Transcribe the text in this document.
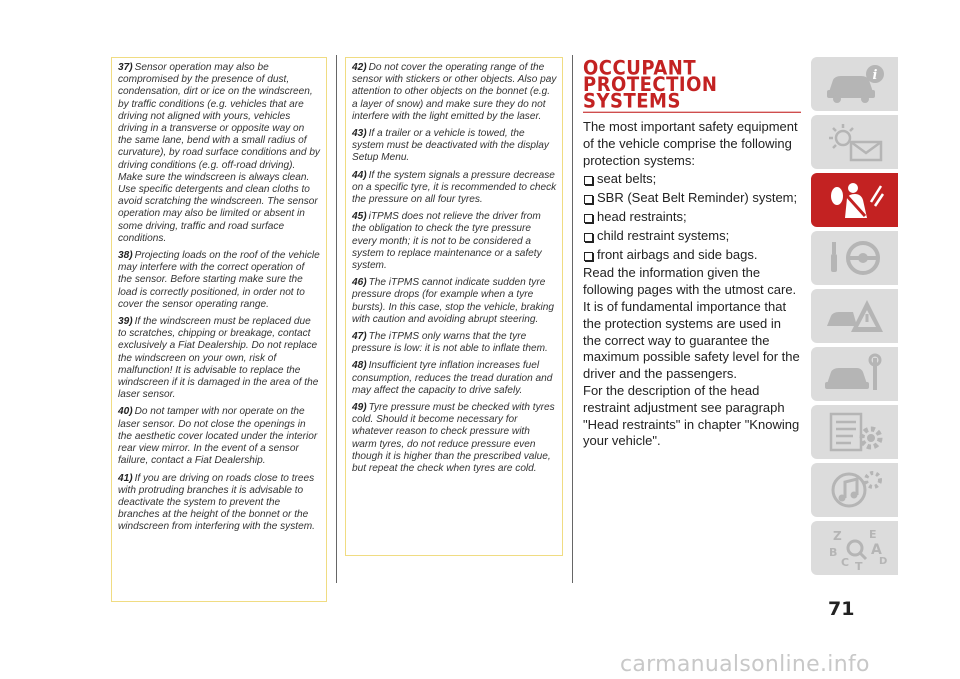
37) Sensor operation may also be compromised by the presence of dust, condensation, dirt or ice on the windscreen, by traffic conditions (e.g. vehicles that are driving not aligned with yours, vehicles driving in a transverse or opposite way on the same lane, bend with a small radius of curvature), by road surface conditions and by driving conditions (e.g. off-road driving). Make sure the windscreen is always clean. Use specific detergents and clean cloths to avoid scratching the windscreen. The sensor operation may also be limited or absent in some driving, traffic and road surface conditions.

38) Projecting loads on the roof of the vehicle may interfere with the correct operation of the sensor. Before starting make sure the load is correctly positioned, in order not to cover the sensor operating range.

39) If the windscreen must be replaced due to scratches, chipping or breakage, contact exclusively a Fiat Dealership. Do not replace the windscreen on your own, risk of malfunction! It is advisable to replace the windscreen if it is damaged in the area of the laser sensor.

40) Do not tamper with nor operate on the laser sensor. Do not close the openings in the aesthetic cover located under the interior rear view mirror. In the event of a sensor failure, contact a Fiat Dealership.

41) If you are driving on roads close to trees with protruding branches it is advisable to deactivate the system to prevent the branches at the height of the bonnet or the windscreen from interfering with the system.

42) Do not cover the operating range of the sensor with stickers or other objects. Also pay attention to other objects on the bonnet (e.g. a layer of snow) and make sure they do not interfere with the light emitted by the laser.

43) If a trailer or a vehicle is towed, the system must be deactivated with the display Setup Menu.

44) If the system signals a pressure decrease on a specific tyre, it is recommended to check the pressure on all four tyres.

45) iTPMS does not relieve the driver from the obligation to check the tyre pressure every month; it is not to be considered a system to replace maintenance or a safety system.

46) The iTPMS cannot indicate sudden tyre pressure drops (for example when a tyre bursts). In this case, stop the vehicle, braking with caution and avoiding abrupt steering.

47) The iTPMS only warns that the tyre pressure is low: it is not able to inflate them.

48) Insufficient tyre inflation increases fuel consumption, reduces the tread duration and may affect the capacity to drive safely.

49) Tyre pressure must be checked with tyres cold. Should it become necessary for whatever reason to check pressure with warm tyres, do not reduce pressure even though it is higher than the prescribed value, but repeat the check when tyres are cold.

OCCUPANT
PROTECTION
SYSTEMS

The most important safety equipment of the vehicle comprise the following protection systems:

seat belts;
SBR (Seat Belt Reminder) system;
head restraints;
child restraint systems;
front airbags and side bags.

Read the information given the following pages with the utmost care. It is of fundamental importance that the protection systems are used in the correct way to guarantee the maximum possible safety level for the driver and the passengers.

For the description of the head restraint adjustment see paragraph "Head restraints" in chapter "Knowing your vehicle".

i
Z E
B A
C	D
T
71
carmanualsonline.info
